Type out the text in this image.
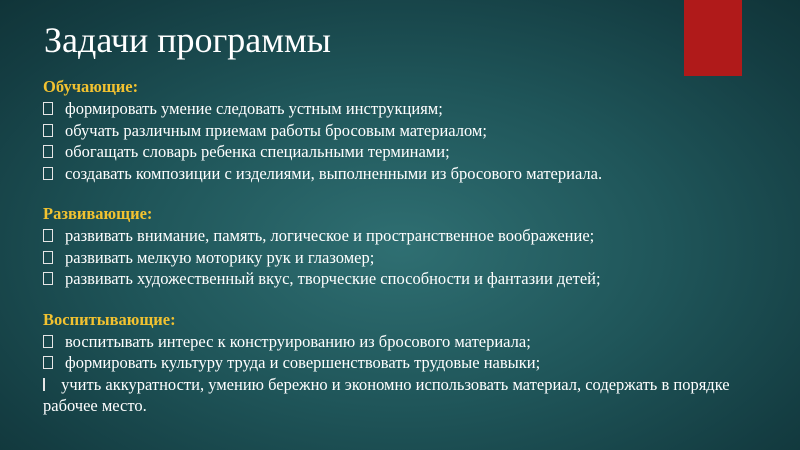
Задачи программы
Обучающие:
формировать умение следовать устным инструкциям;
обучать различным приемам работы бросовым материалом;
обогащать словарь ребенка специальными терминами;
создавать композиции с изделиями, выполненными из бросового материала.
Развивающие:
развивать внимание, память, логическое и пространственное воображение;
развивать мелкую моторику рук и глазомер;
развивать художественный вкус, творческие способности и фантазии детей;
Воспитывающие:
воспитывать интерес к конструированию из бросового материала;
формировать культуру труда и совершенствовать трудовые навыки;
учить аккуратности, умению бережно и экономно использовать материал, содержать в порядке рабочее место.
